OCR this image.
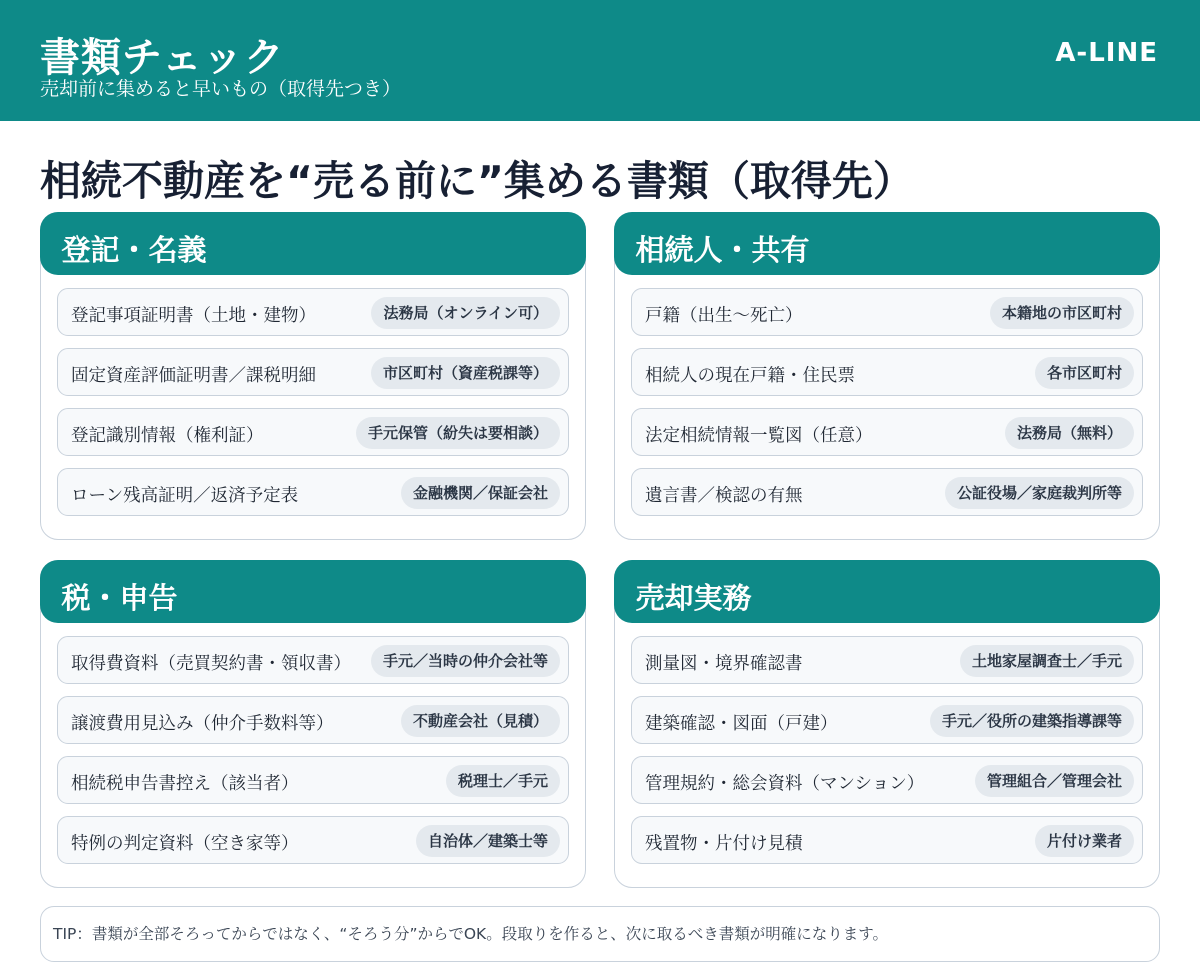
書類チェック
売却前に集めると早いもの（取得先つき）
A-LINE
相続不動産を“売る前に”集める書類（取得先）
登記・名義
登記事項証明書（土地・建物）	法務局（オンライン可）
固定資産評価証明書／課税明細	市区町村（資産税課等）
登記識別情報（権利証）	手元保管（紛失は要相談）
ローン残高証明／返済予定表	金融機関／保証会社
相続人・共有
戸籍（出生〜死亡）	本籍地の市区町村
相続人の現在戸籍・住民票	各市区町村
法定相続情報一覧図（任意）	法務局（無料）
遺言書／検認の有無	公証役場／家庭裁判所等
税・申告
取得費資料（売買契約書・領収書）	手元／当時の仲介会社等
譲渡費用見込み（仲介手数料等）	不動産会社（見積）
相続税申告書控え（該当者）	税理士／手元
特例の判定資料（空き家等）	自治体／建築士等
売却実務
測量図・境界確認書	土地家屋調査士／手元
建築確認・図面（戸建）	手元／役所の建築指導課等
管理規約・総会資料（マンション）	管理組合／管理会社
残置物・片付け見積	片付け業者
TIP：書類が全部そろってからではなく、“そろう分”からでOK。段取りを作ると、次に取るべき書類が明確になります。
